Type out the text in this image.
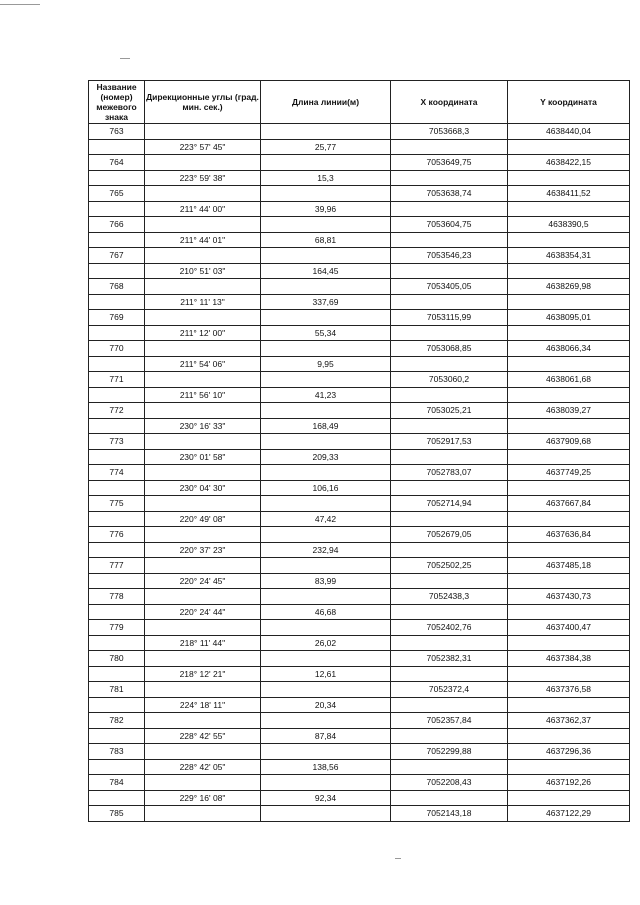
Название (номер) межевого знака	Дирекционные углы (град. мин. сек.)	Длина линии(м)	X координата	Y координата
763			7053668,3	4638440,04
	223° 57' 45"	25,77		
764			7053649,75	4638422,15
	223° 59' 38"	15,3		
765			7053638,74	4638411,52
	211° 44' 00"	39,96		
766			7053604,75	4638390,5
	211° 44' 01"	68,81		
767			7053546,23	4638354,31
	210° 51' 03"	164,45		
768			7053405,05	4638269,98
	211° 11' 13"	337,69		
769			7053115,99	4638095,01
	211° 12' 00"	55,34		
770			7053068,85	4638066,34
	211° 54' 06"	9,95		
771			7053060,2	4638061,68
	211° 56' 10"	41,23		
772			7053025,21	4638039,27
	230° 16' 33"	168,49		
773			7052917,53	4637909,68
	230° 01' 58"	209,33		
774			7052783,07	4637749,25
	230° 04' 30"	106,16		
775			7052714,94	4637667,84
	220° 49' 08"	47,42		
776			7052679,05	4637636,84
	220° 37' 23"	232,94		
777			7052502,25	4637485,18
	220° 24' 45"	83,99		
778			7052438,3	4637430,73
	220° 24' 44"	46,68		
779			7052402,76	4637400,47
	218° 11' 44"	26,02		
780			7052382,31	4637384,38
	218° 12' 21"	12,61		
781			7052372,4	4637376,58
	224° 18' 11"	20,34		
782			7052357,84	4637362,37
	228° 42' 55"	87,84		
783			7052299,88	4637296,36
	228° 42' 05"	138,56		
784			7052208,43	4637192,26
	229° 16' 08"	92,34		
785			7052143,18	4637122,29
